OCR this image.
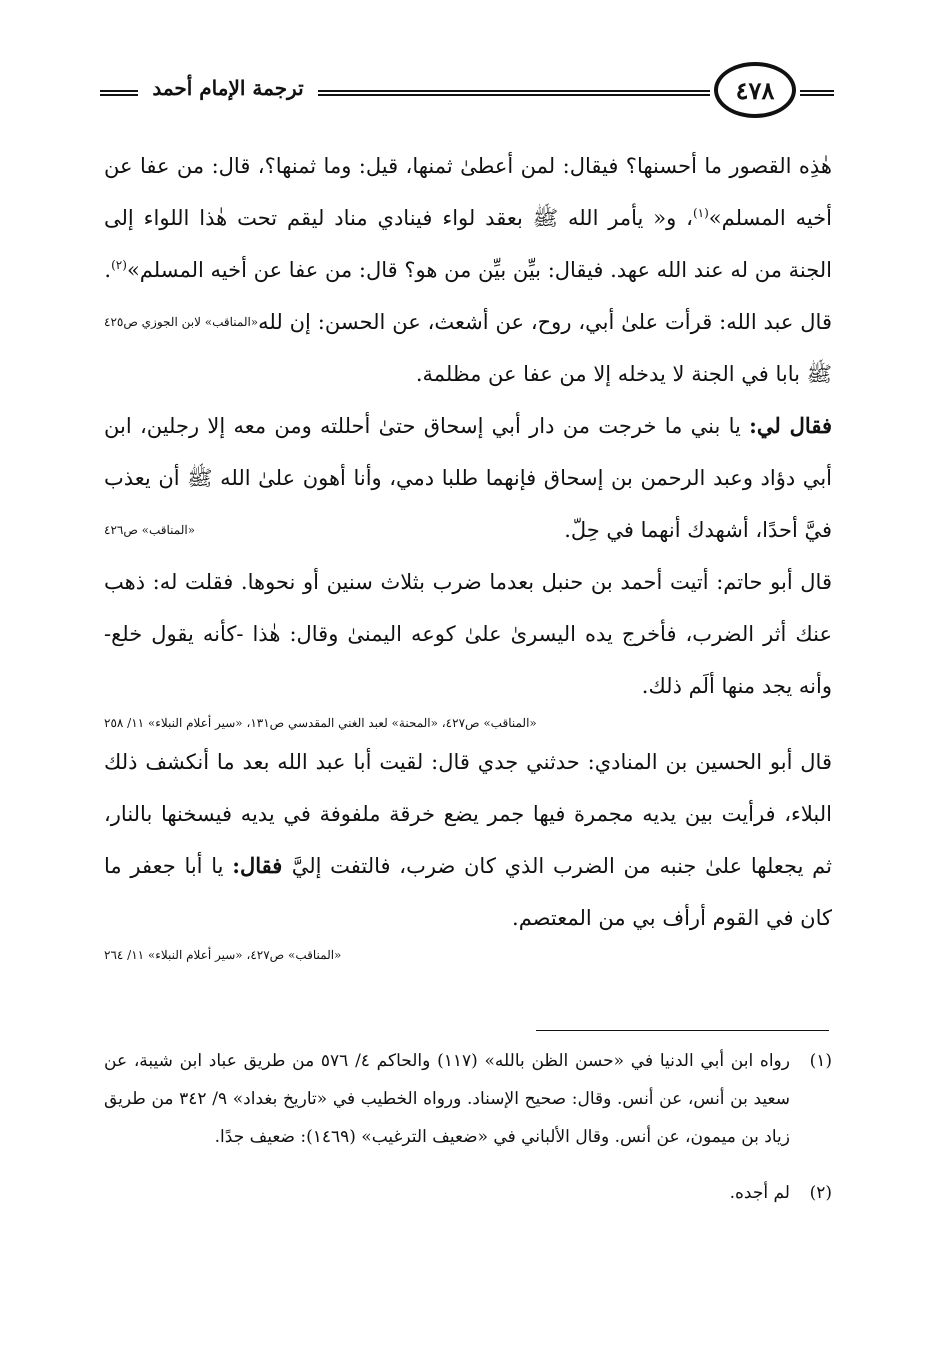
ترجمة الإمام أحمد	٤٧٨

هٰذِه القصور ما أحسنها؟ فيقال: لمن أعطىٰ ثمنها، قيل: وما ثمنها؟، قال: من عفا عن أخيه المسلم»$^{(١)}$، و« يأمر الله ﷺ بعقد لواء فينادي مناد ليقم تحت هٰذا اللواء إلى الجنة من له عند الله عهد. فيقال: بيِّن بيِّن من هو؟ قال: من عفا عن أخيه المسلم»$^{(٢)}$.
«المناقب» لابن الجوزي ص٤٢٥ قال عبد الله: قرأت علىٰ أبي، روح، عن أشعث، عن الحسن: إن لله ﷺ بابا في الجنة لا يدخله إلا من عفا عن مظلمة.

فقال لي: يا بني ما خرجت من دار أبي إسحاق حتىٰ أحللته ومن معه إلا رجلين، ابن أبي دؤاد وعبد الرحمن بن إسحاق فإنهما طلبا دمي، وأنا أهون علىٰ الله ﷺ أن يعذب فيَّ أحدًا، أشهدك أنهما في حِلّ.
«المناقب» ص٤٢٦

قال أبو حاتم: أتيت أحمد بن حنبل بعدما ضرب بثلاث سنين أو نحوها. فقلت له: ذهب عنك أثر الضرب، فأخرج يده اليسرىٰ علىٰ كوعه اليمنىٰ وقال: هٰذا -كأنه يقول خلع- وأنه يجد منها ألَم ذلك.

«المناقب» ص٤٢٧، «المحنة» لعبد الغني المقدسي ص١٣١، «سير أعلام النبلاء» ١١/ ٢٥٨

قال أبو الحسين بن المنادي: حدثني جدي قال: لقيت أبا عبد الله بعد ما أنكشف ذلك البلاء، فرأيت بين يديه مجمرة فيها جمر يضع خرقة ملفوفة في يديه فيسخنها بالنار، ثم يجعلها علىٰ جنبه من الضرب الذي كان ضرب، فالتفت إليَّ فقال: يا أبا جعفر ما كان في القوم أرأف بي من المعتصم.

«المناقب» ص٤٢٧، «سير أعلام النبلاء» ١١/ ٢٦٤

(١)
رواه ابن أبي الدنيا في «حسن الظن بالله» (١١٧) والحاكم ٤/ ٥٧٦ من طريق عباد ابن شيبة، عن سعيد بن أنس، عن أنس. وقال: صحيح الإسناد. ورواه الخطيب في «تاريخ بغداد» ٩/ ٣٤٢ من طريق زياد بن ميمون، عن أنس. وقال الألباني في «ضعيف الترغيب» (١٤٦٩): ضعيف جدًا.

(٢)
لم أجده.
